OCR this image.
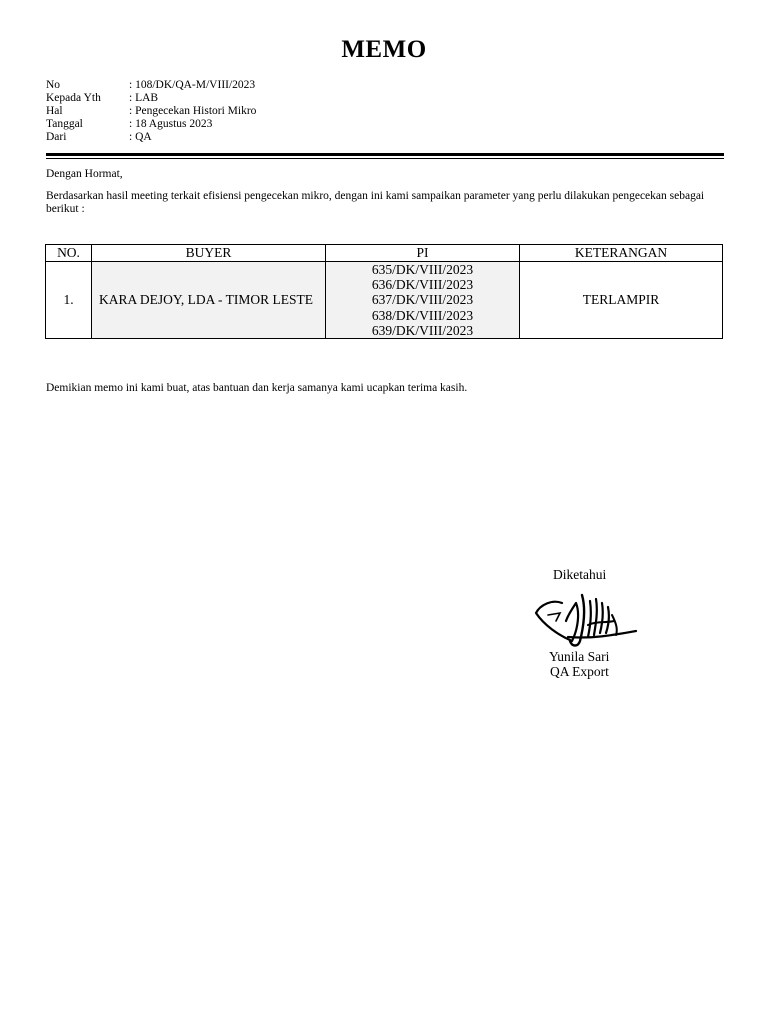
MEMO
No	: 108/DK/QA-M/VIII/2023
Kepada Yth	: LAB
Hal	: Pengecekan Histori Mikro
Tanggal	: 18 Agustus 2023
Dari	: QA
Dengan Hormat,
Berdasarkan hasil meeting terkait efisiensi pengecekan mikro, dengan ini kami sampaikan parameter yang perlu dilakukan pengecekan sebagai berikut :
NO.	BUYER	PI	KETERANGAN
1.	KARA DEJOY, LDA - TIMOR LESTE	635/DK/VIII/2023
636/DK/VIII/2023
637/DK/VIII/2023
638/DK/VIII/2023
639/DK/VIII/2023	TERLAMPIR
Demikian memo ini kami buat, atas bantuan dan kerja samanya kami ucapkan terima kasih.
Diketahui
Yunila Sari
QA Export
